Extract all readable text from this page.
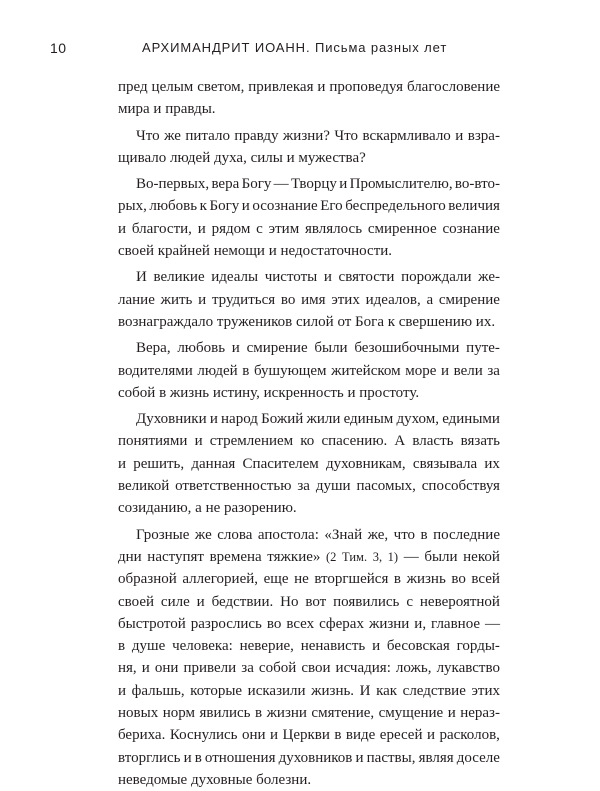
10	АРХИМАНДРИТ ИОАНН. Письма разных лет
пред целым светом, привлекая и проповедуя благословение
мира и правды.
Что же питало правду жизни? Что вскармливало и взра-
щивало людей духа, силы и мужества?
Во-первых, вера Богу — Творцу и Промыслителю, во-вто-
рых, любовь к Богу и осознание Его беспредельного величия
и благости, и рядом с этим являлось смиренное сознание
своей крайней немощи и недостаточности.
И великие идеалы чистоты и святости порождали же-
лание жить и трудиться во имя этих идеалов, а смирение
вознаграждало тружеников силой от Бога к свершению их.
Вера, любовь и смирение были безошибочными путе-
водителями людей в бушующем житейском море и вели за
собой в жизнь истину, искренность и простоту.
Духовники и народ Божий жили единым духом, едиными
понятиями и стремлением ко спасению. А власть вязать
и решить, данная Спасителем духовникам, связывала их
великой ответственностью за души пасомых, способствуя
созиданию, а не разорению.
Грозные же слова апостола: «Знай же, что в последние
дни наступят времена тяжкие» (2 Тим. 3, 1) — были некой
образной аллегорией, еще не вторгшейся в жизнь во всей
своей силе и бедствии. Но вот появились с невероятной
быстротой разрослись во всех сферах жизни и, главное —
в душе человека: неверие, ненависть и бесовская горды-
ня, и они привели за собой свои исчадия: ложь, лукавство
и фальшь, которые исказили жизнь. И как следствие этих
новых норм явились в жизни смятение, смущение и нераз-
бериха. Коснулись они и Церкви в виде ересей и расколов,
вторглись и в отношения духовников и паствы, являя доселе
неведомые духовные болезни.
